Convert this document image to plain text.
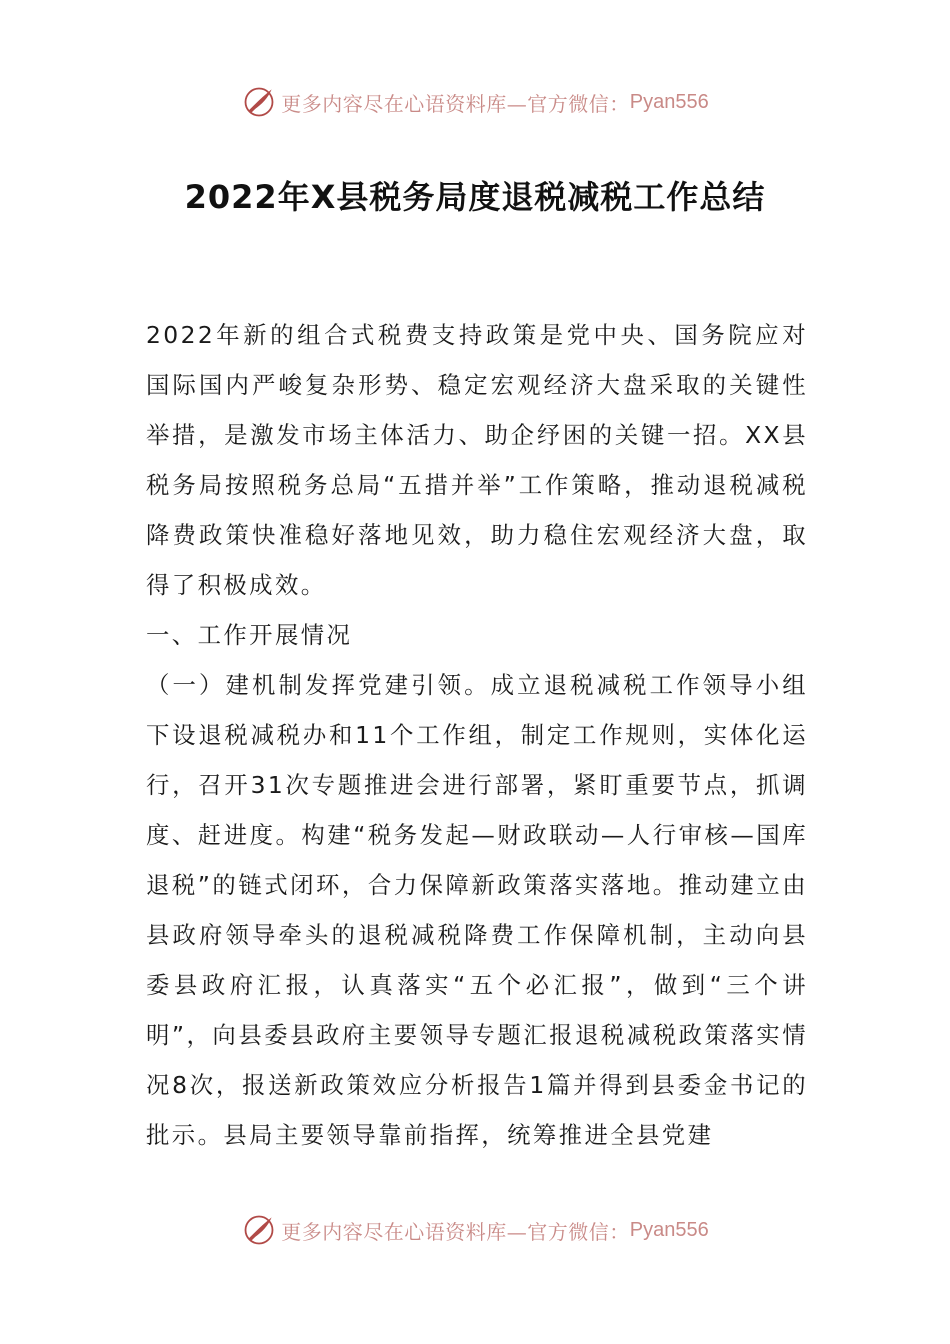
更多内容尽在心语资料库—官方微信： Pyan556
2022年X县税务局度退税减税工作总结

2022年新的组合式税费支持政策是党中央、国务院应对国际国内严峻复杂形势、稳定宏观经济大盘采取的关键性举措，是激发市场主体活力、助企纾困的关键一招。XX县税务局按照税务总局“五措并举”工作策略，推动退税减税降费政策快准稳好落地见效，助力稳住宏观经济大盘，取得了积极成效。

一、工作开展情况

（一）建机制发挥党建引领。成立退税减税工作领导小组下设退税减税办和11个工作组，制定工作规则，实体化运行，召开31次专题推进会进行部署，紧盯重要节点，抓调度、赶进度。构建“税务发起—财政联动—人行审核—国库退税”的链式闭环，合力保障新政策落实落地。推动建立由县政府领导牵头的退税减税降费工作保障机制，主动向县委县政府汇报，认真落实“五个必汇报”，做到“三个讲明”，向县委县政府主要领导专题汇报退税减税政策落实情况8次，报送新政策效应分析报告1篇并得到县委金书记的批示。县局主要领导靠前指挥，统筹推进全县党建

更多内容尽在心语资料库—官方微信： Pyan556
